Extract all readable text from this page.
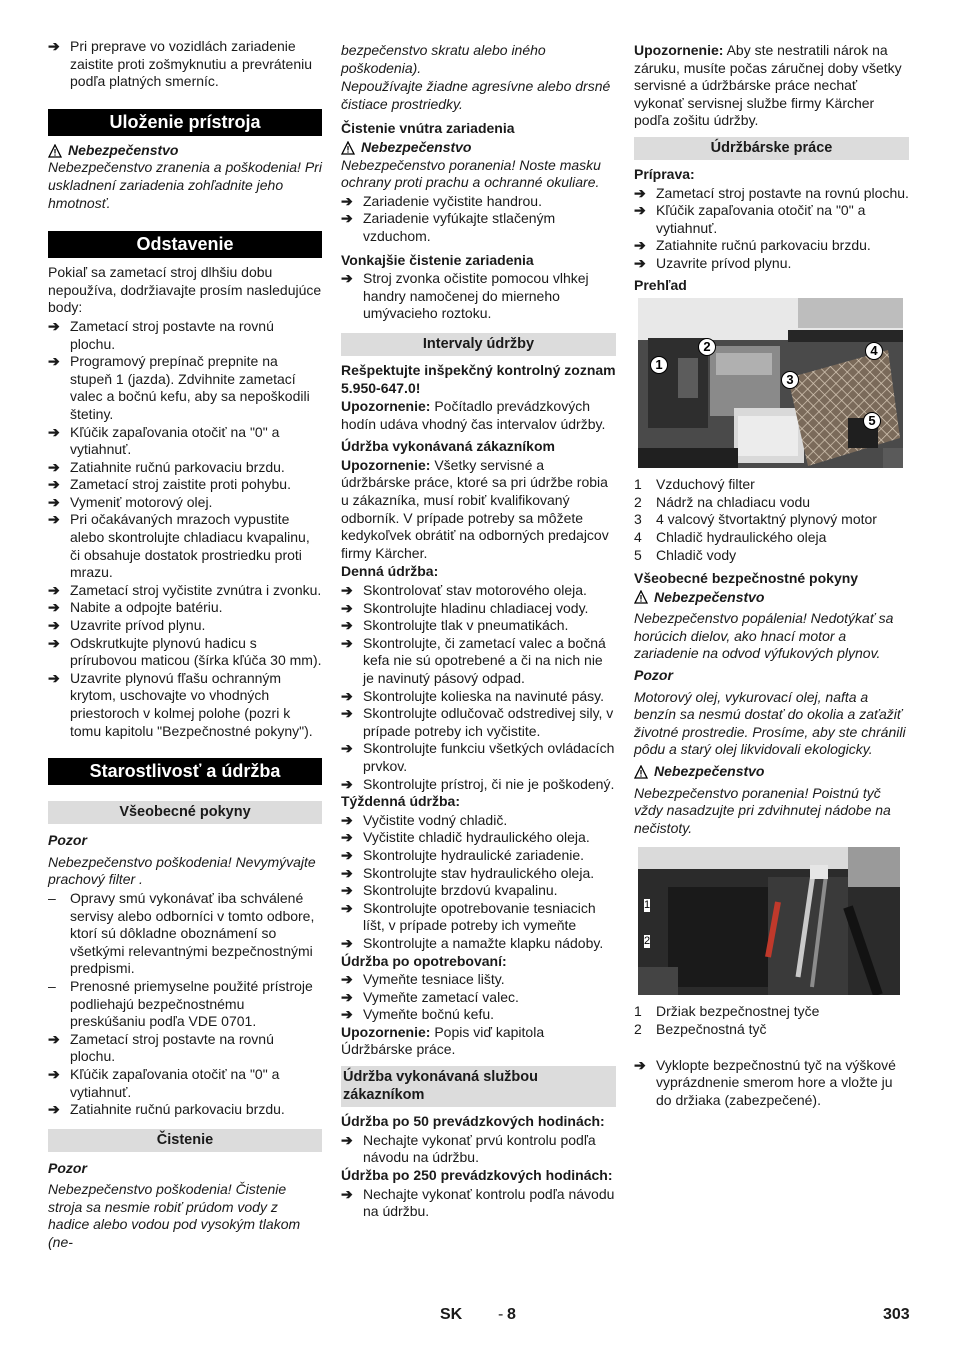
➔ Pri preprave vo vozidlách zariadenie zaistite proti zošmyknutiu a prevráteniu podľa platných smerníc.
Uloženie prístroja
Nebezpečenstvo

Nebezpečenstvo zranenia a poškodenia! Pri uskladnení zariadenia zohľadnite jeho hmotnosť.

Odstavenie

Pokiaľ sa zametací stroj dlhšiu dobu nepoužíva, dodržiavajte prosím nasledujúce body:

➔ Zametací stroj postavte na rovnú plochu.
➔ Programový prepínač prepnite na stupeň 1 (jazda). Zdvihnite zametací valec a bočnú kefu, aby sa nepoškodili štetiny.
➔ Kľúčik zapaľovania otočiť na "0" a vytiahnuť.
➔ Zatiahnite ručnú parkovaciu brzdu.
➔ Zametací stroj zaistite proti pohybu.
➔ Vymeniť motorový olej.
➔ Pri očakávaných mrazoch vypustite alebo skontrolujte chladiacu kvapalinu, či obsahuje dostatok prostriedku proti mrazu.
➔ Zametací stroj vyčistite zvnútra i zvonku.
➔ Nabite a odpojte batériu.
➔ Uzavrite prívod plynu.
➔ Odskrutkujte plynovú hadicu s prírubovou maticou (šírka kľúča 30 mm).
➔ Uzavrite plynovú fľašu ochranným krytom, uschovajte vo vhodných priestoroch v kolmej polohe (pozri k tomu kapitolu "Bezpečnostné pokyny").
Starostlivosť a údržba
Všeobecné pokyny

Pozor

Nebezpečenstvo poškodenia! Nevymývajte prachový filter .

– Opravy smú vykonávať iba schválené servisy alebo odborníci v tomto odbore, ktorí sú dôkladne oboznámení so všetkými relevantnými bezpečnostnými predpismi.
– Prenosné priemyselne použité prístroje podliehajú bezpečnostnému preskúšaniu podľa VDE 0701.
➔ Zametací stroj postavte na rovnú plochu.
➔ Kľúčik zapaľovania otočiť na "0" a vytiahnuť.
➔ Zatiahnite ručnú parkovaciu brzdu.
Čistenie

Pozor

Nebezpečenstvo poškodenia! Čistenie stroja sa nesmie robiť prúdom vody z hadice alebo vodou pod vysokým tlakom (ne-

bezpečenstvo skratu alebo iného poškodenia).

Nepoužívajte žiadne agresívne alebo drsné čistiace prostriedky.

Čistenie vnútra zariadenia

Nebezpečenstvo

Nebezpečenstvo poranenia! Noste masku ochrany proti prachu a ochranné okuliare.

➔ Zariadenie vyčistite handrou.
➔ Zariadenie vyfúkajte stlačeným vzduchom.

Vonkajšie čistenie zariadenia

➔ Stroj zvonka očistite pomocou vlhkej handry namočenej do mierneho umývacieho roztoku.
Intervaly údržby

Rešpektujte inšpekčný kontrolný zoznam 5.950-647.0!

Upozornenie: Počítadlo prevádzkových hodín udáva vhodný čas intervalov údržby.

Údržba vykonávaná zákazníkom

Upozornenie: Všetky servisné a údržbárske práce, ktoré sa pri údržbe robia u zákazníka, musí robiť kvalifikovaný odborník. V prípade potreby sa môžete kedykoľvek obrátiť na odborných predajcov firmy Kärcher.

Denná údržba:

➔ Skontrolovať stav motorového oleja.
➔ Skontrolujte hladinu chladiacej vody.
➔ Skontrolujte tlak v pneumatikách.
➔ Skontrolujte, či zametací valec a bočná kefa nie sú opotrebené a či na nich nie je navinutý pásový odpad.
➔ Skontrolujte kolieska na navinuté pásy.
➔ Skontrolujte odlučovač odstredivej sily, v prípade potreby ich vyčistite.
➔ Skontrolujte funkciu všetkých ovládacích prvkov.
➔ Skontrolujte prístroj, či nie je poškodený.

Týždenná údržba:

➔ Vyčistite vodný chladič.
➔ Vyčistite chladič hydraulického oleja.
➔ Skontrolujte hydraulické zariadenie.
➔ Skontrolujte stav hydraulického oleja.
➔ Skontrolujte brzdovú kvapalinu.
➔ Skontrolujte opotrebovanie tesniacich líšt, v prípade potreby ich vymeňte
➔ Skontrolujte a namažte klapku nádoby.

Údržba po opotrebovaní:

➔ Vymeňte tesniace lišty.
➔ Vymeňte zametací valec.
➔ Vymeňte bočnú kefu.

Upozornenie: Popis viď kapitola Údržbárske práce.

Údržba vykonávaná službou zákazníkom

Údržba po 50 prevádzkových hodinách:

➔ Nechajte vykonať prvú kontrolu podľa návodu na údržbu.

Údržba po 250 prevádzkových hodinách:

➔ Nechajte vykonať kontrolu podľa návodu na údržbu.

Upozornenie: Aby ste nestratili nárok na záruku, musíte počas záručnej doby všetky servisné a údržbárske práce nechať vykonať servisnej službe firmy Kärcher podľa zošitu údržby.

Údržbárske práce

Príprava:

➔ Zametací stroj postavte na rovnú plochu.
➔ Kľúčik zapaľovania otočiť na "0" a vytiahnuť.
➔ Zatiahnite ručnú parkovaciu brzdu.
➔ Uzavrite prívod plynu.

Prehľad

1
2
3
4
5
1 Vzduchový filter
2 Nádrž na chladiacu vodu
3 4 valcový štvortaktný plynový motor
4 Chladič hydraulického oleja
5 Chladič vody

Všeobecné bezpečnostné pokyny

Nebezpečenstvo

Nebezpečenstvo popálenia! Nedotýkať sa horúcich dielov, ako hnací motor a zariadenie na odvod výfukových plynov.

Pozor

Motorový olej, vykurovací olej, nafta a benzín sa nesmú dostať do okolia a zaťažiť životné prostredie. Prosíme, aby ste chránili pôdu a starý olej likvidovali ekologicky.

Nebezpečenstvo

Nebezpečenstvo poranenia! Poistnú tyč vždy nasadzujte pri zdvihnutej nádobe na nečistoty.

1
2
1 Držiak bezpečnostnej tyče
2 Bezpečnostná tyč
➔ Vyklopte bezpečnostnú tyč na výškové vyprázdnenie smerom hore a vložte ju do držiaka (zabezpečené).
SK - 8	303
